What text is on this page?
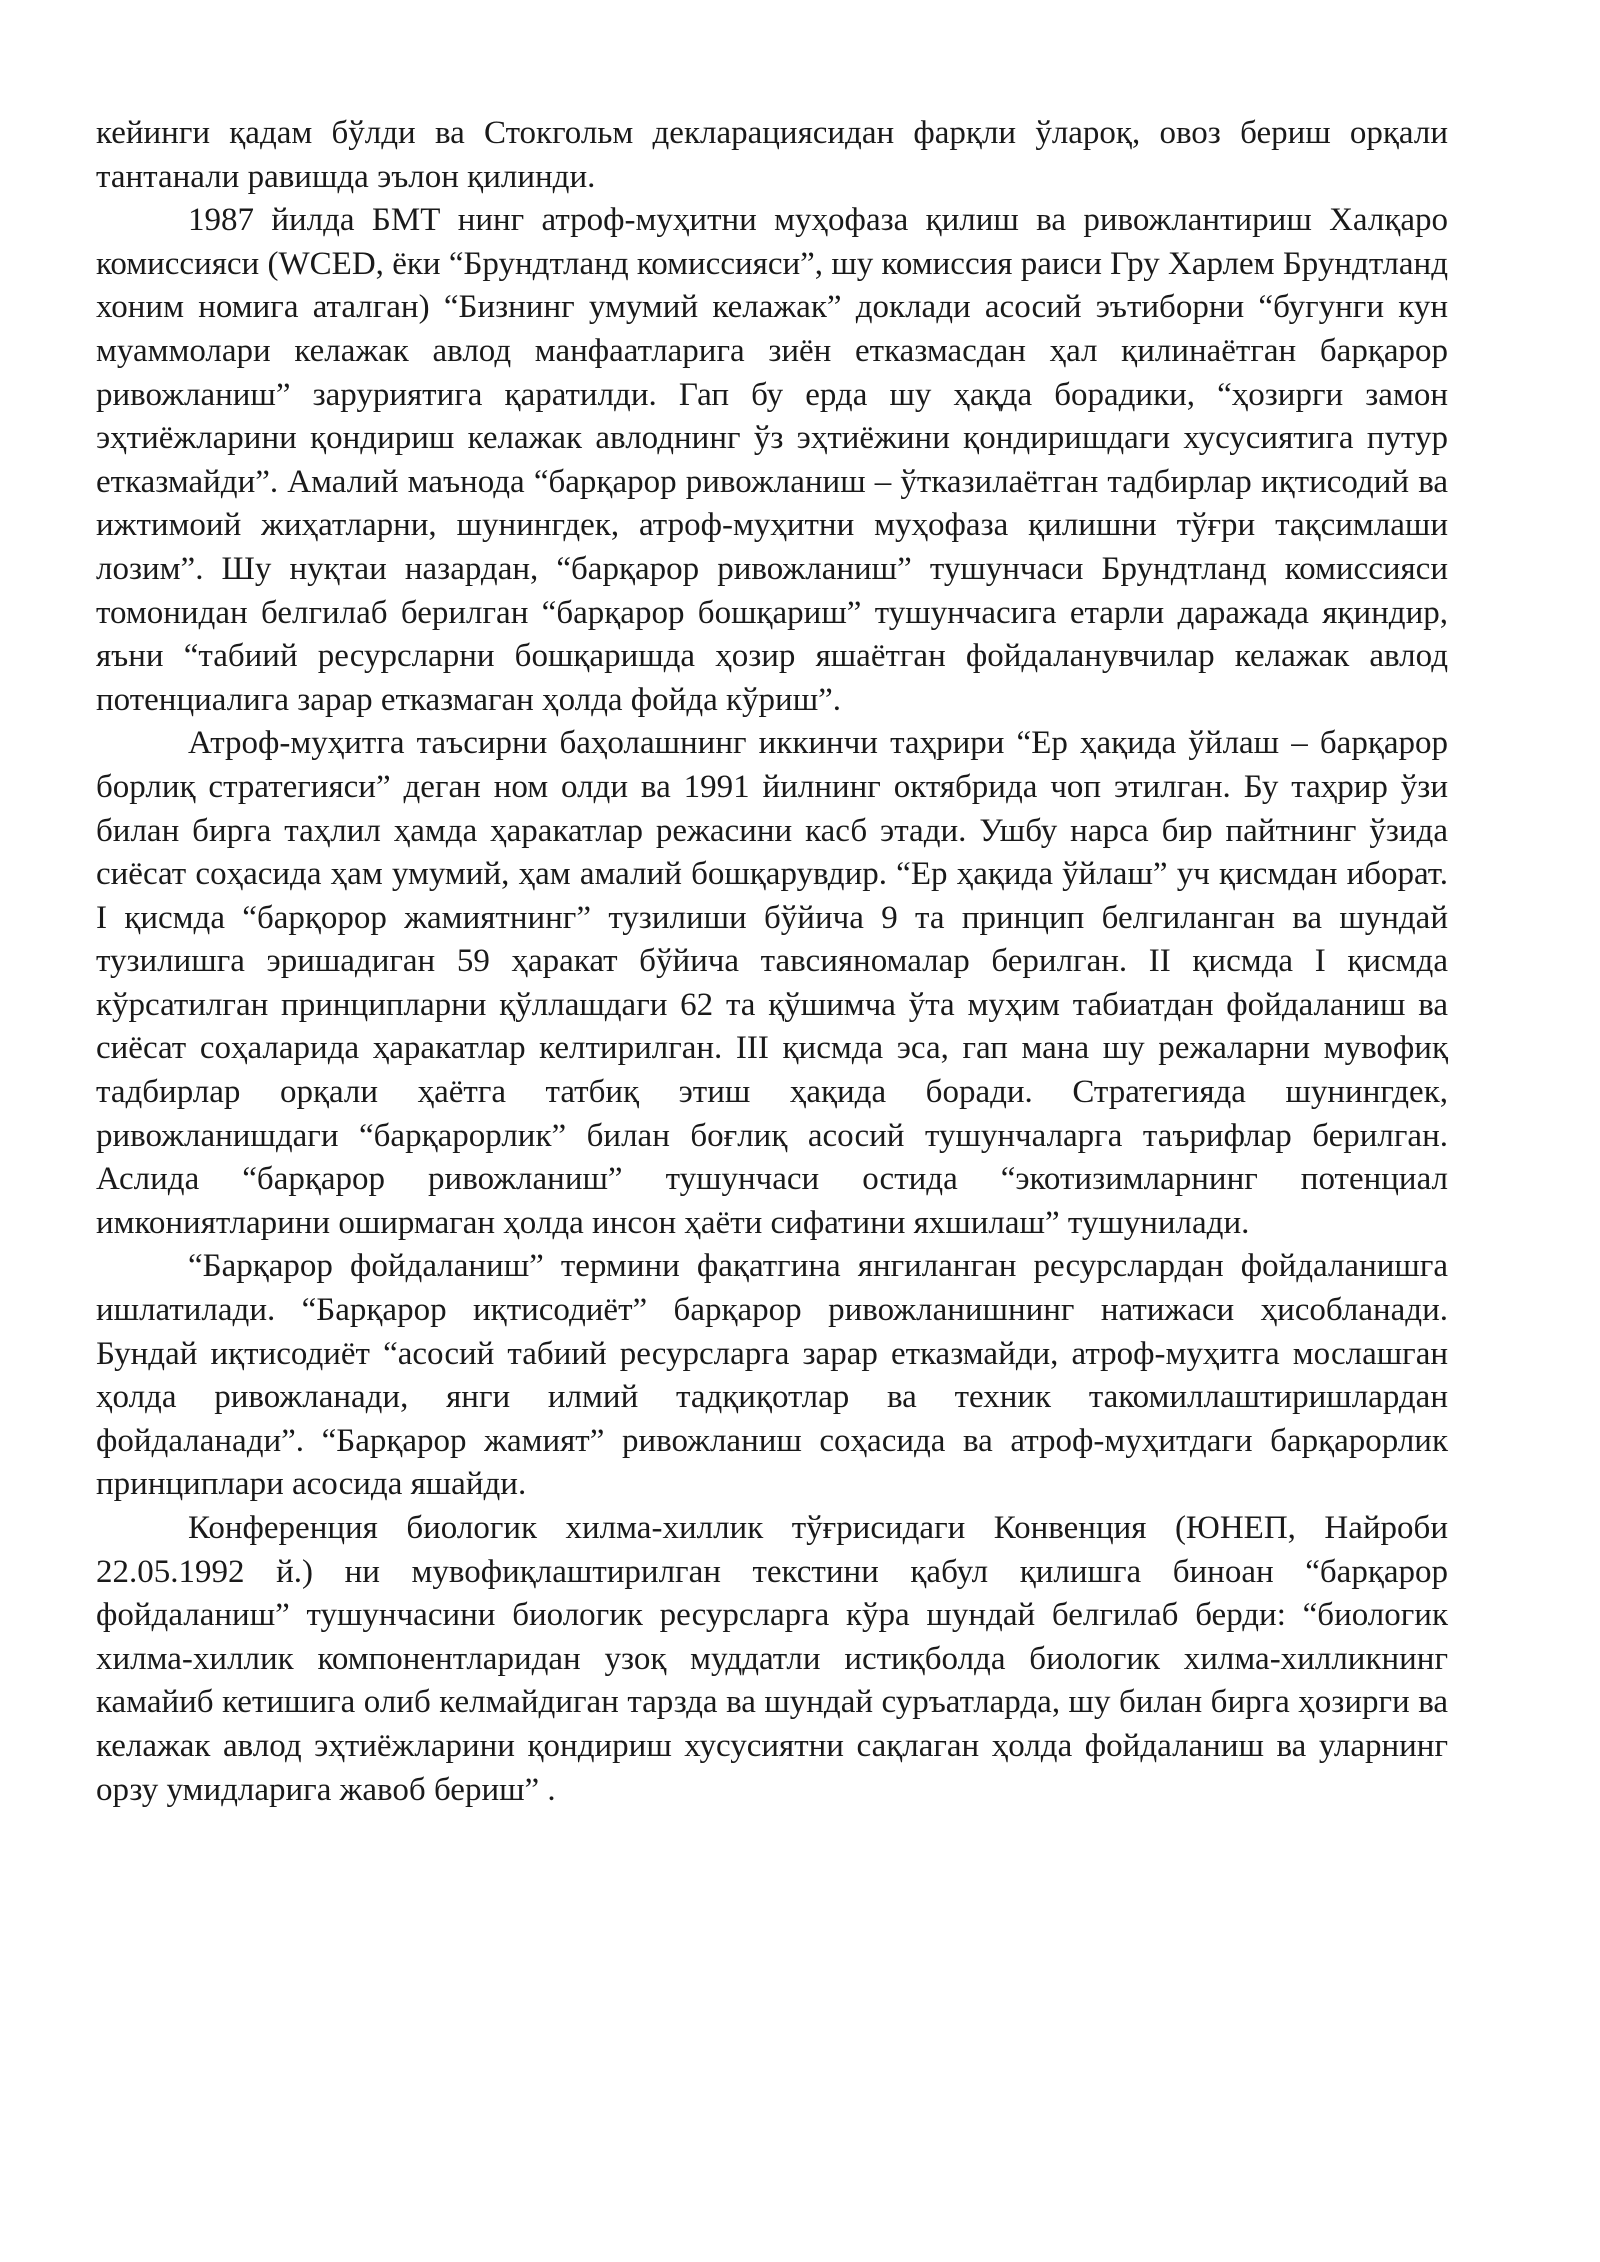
кейинги қадам бўлди ва Стокгольм декларациясидан фарқли ўлароқ, овоз бериш орқали тантанали равишда эълон қилинди.

1987 йилда БМТ нинг атроф-муҳитни муҳофаза қилиш ва ривожлантириш Халқаро комиссияси (WCED, ёки “Брундтланд комиссияси”, шу комиссия раиси Гру Харлем Брундтланд хоним номига аталган) “Бизнинг умумий келажак” доклади асосий эътиборни “бугунги кун муаммолари келажак авлод манфаатларига зиён етказмасдан ҳал қилинаётган барқарор ривожланиш” заруриятига қаратилди. Гап бу ерда шу ҳақда борадики, “ҳозирги замон эҳтиёжларини қондириш келажак авлоднинг ўз эҳтиёжини қондиришдаги хусусиятига путур етказмайди”. Амалий маънода “барқарор ривожланиш – ўтказилаётган тадбирлар иқтисодий ва ижтимоий жиҳатларни, шунингдек, атроф-муҳитни муҳофаза қилишни тўғри тақсимлаши лозим”. Шу нуқтаи назардан, “барқарор ривожланиш” тушунчаси Брундтланд комиссияси томонидан белгилаб берилган “барқарор бошқариш” тушунчасига етарли даражада яқиндир, яъни “табиий ресурсларни бошқаришда ҳозир яшаётган фойдаланувчилар келажак авлод потенциалига зарар етказмаган ҳолда фойда кўриш”.

Атроф-муҳитга таъсирни баҳолашнинг иккинчи таҳрири “Ер ҳақида ўйлаш – барқарор борлиқ стратегияси” деган ном олди ва 1991 йилнинг октябрида чоп этилган. Бу таҳрир ўзи билан бирга таҳлил ҳамда ҳаракатлар режасини касб этади. Ушбу нарса бир пайтнинг ўзида сиёсат соҳасида ҳам умумий, ҳам амалий бошқарувдир. “Ер ҳақида ўйлаш” уч қисмдан иборат. I қисмда “барқорор жамиятнинг” тузилиши бўйича 9 та принцип белгиланган ва шундай тузилишга эришадиган 59 ҳаракат бўйича тавсияномалар берилган. II қисмда I қисмда кўрсатилган принципларни қўллашдаги 62 та қўшимча ўта муҳим табиатдан фойдаланиш ва сиёсат соҳаларида ҳаракатлар келтирилган. III қисмда эса, гап мана шу режаларни мувофиқ тадбирлар орқали ҳаётга татбиқ этиш ҳақида боради. Стратегияда шунингдек, ривожланишдаги “барқарорлик” билан боғлиқ асосий тушунчаларга таърифлар берилган. Аслида “барқарор ривожланиш” тушунчаси остида “экотизимларнинг потенциал имкониятларини оширмаган ҳолда инсон ҳаёти сифатини яхшилаш” тушунилади.

“Барқарор фойдаланиш” термини фақатгина янгиланган ресурслардан фойдаланишга ишлатилади. “Барқарор иқтисодиёт” барқарор ривожланишнинг натижаси ҳисобланади. Бундай иқтисодиёт “асосий табиий ресурсларга зарар етказмайди, атроф-муҳитга мослашган ҳолда ривожланади, янги илмий тадқиқотлар ва техник такомиллаштиришлардан фойдаланади”. “Барқарор жамият” ривожланиш соҳасида ва атроф-муҳитдаги барқарорлик принциплари асосида яшайди.

Конференция биологик хилма-хиллик тўғрисидаги Конвенция (ЮНЕП, Найроби 22.05.1992 й.) ни мувофиқлаштирилган текстини қабул қилишга биноан “барқарор фойдаланиш” тушунчасини биологик ресурсларга кўра шундай белгилаб берди: “биологик хилма-хиллик компонентларидан узоқ муддатли истиқболда биологик хилма-хилликнинг камайиб кетишига олиб келмайдиган тарзда ва шундай суръатларда, шу билан бирга ҳозирги ва келажак авлод эҳтиёжларини қондириш хусусиятни сақлаган ҳолда фойдаланиш ва уларнинг орзу умидларига жавоб бериш” .
